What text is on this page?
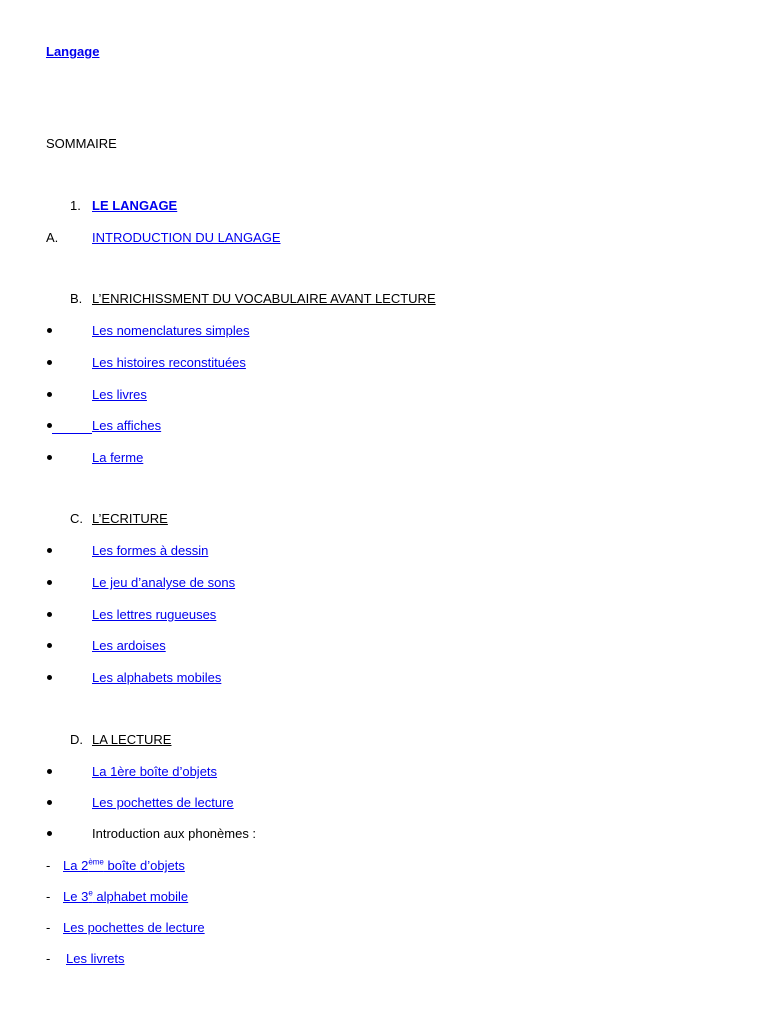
Langage
SOMMAIRE
1. LE LANGAGE
A.	INTRODUCTION DU LANGAGE
B. L’ENRICHISSMENT DU VOCABULAIRE AVANT LECTURE
Les nomenclatures simples
Les histoires reconstituées
Les livres
Les affiches
La ferme
C. L’ECRITURE
Les formes à dessin
Le jeu d’analyse de sons
Les lettres rugueuses
Les ardoises
Les alphabets mobiles
D. LA LECTURE
La 1ère boîte d’objets
Les pochettes de lecture
Introduction aux phonèmes :
- La 2ème boîte d’objets
- Le 3e alphabet mobile
- Les pochettes de lecture
- Les livrets
